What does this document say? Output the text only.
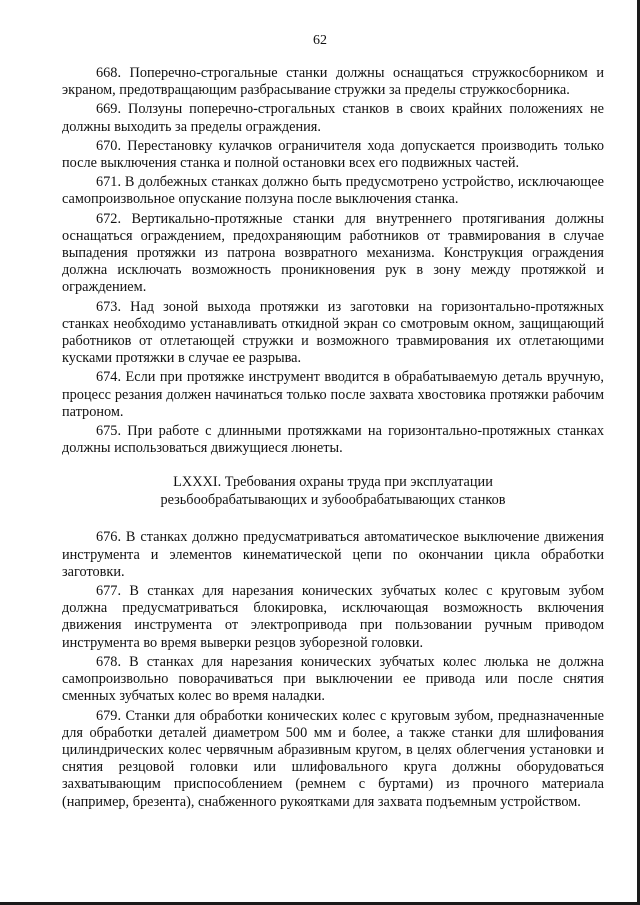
62

668. Поперечно-строгальные станки должны оснащаться стружкосборником и экраном, предотвращающим разбрасывание стружки за пределы стружкосборника.

669. Ползуны поперечно-строгальных станков в своих крайних положениях не должны выходить за пределы ограждения.

670. Перестановку кулачков ограничителя хода допускается производить только после выключения станка и полной остановки всех его подвижных частей.

671. В долбежных станках должно быть предусмотрено устройство, исключающее самопроизвольное опускание ползуна после выключения станка.

672. Вертикально-протяжные станки для внутреннего протягивания должны оснащаться ограждением, предохраняющим работников от травмирования в случае выпадения протяжки из патрона возвратного механизма. Конструкция ограждения должна исключать возможность проникновения рук в зону между протяжкой и ограждением.

673. Над зоной выхода протяжки из заготовки на горизонтально-протяжных станках необходимо устанавливать откидной экран со смотровым окном, защищающий работников от отлетающей стружки и возможного травмирования их отлетающими кусками протяжки в случае ее разрыва.

674. Если при протяжке инструмент вводится в обрабатываемую деталь вручную, процесс резания должен начинаться только после захвата хвостовика протяжки рабочим патроном.

675. При работе с длинными протяжками на горизонтально-протяжных станках должны использоваться движущиеся люнеты.

LXXXI. Требования охраны труда при эксплуатации
резьбообрабатывающих и зубообрабатывающих станков

676. В станках должно предусматриваться автоматическое выключение движения инструмента и элементов кинематической цепи по окончании цикла обработки заготовки.

677. В станках для нарезания конических зубчатых колес с круговым зубом должна предусматриваться блокировка, исключающая возможность включения движения инструмента от электропривода при пользовании ручным приводом инструмента во время выверки резцов зуборезной головки.

678. В станках для нарезания конических зубчатых колес люлька не должна самопроизвольно поворачиваться при выключении ее привода или после снятия сменных зубчатых колес во время наладки.

679. Станки для обработки конических колес с круговым зубом, предназначенные для обработки деталей диаметром 500 мм и более, а также станки для шлифования цилиндрических колес червячным абразивным кругом, в целях облегчения установки и снятия резцовой головки или шлифовального круга должны оборудоваться захватывающим приспособлением (ремнем с буртами) из прочного материала (например, брезента), снабженного рукоятками для захвата подъемным устройством.
